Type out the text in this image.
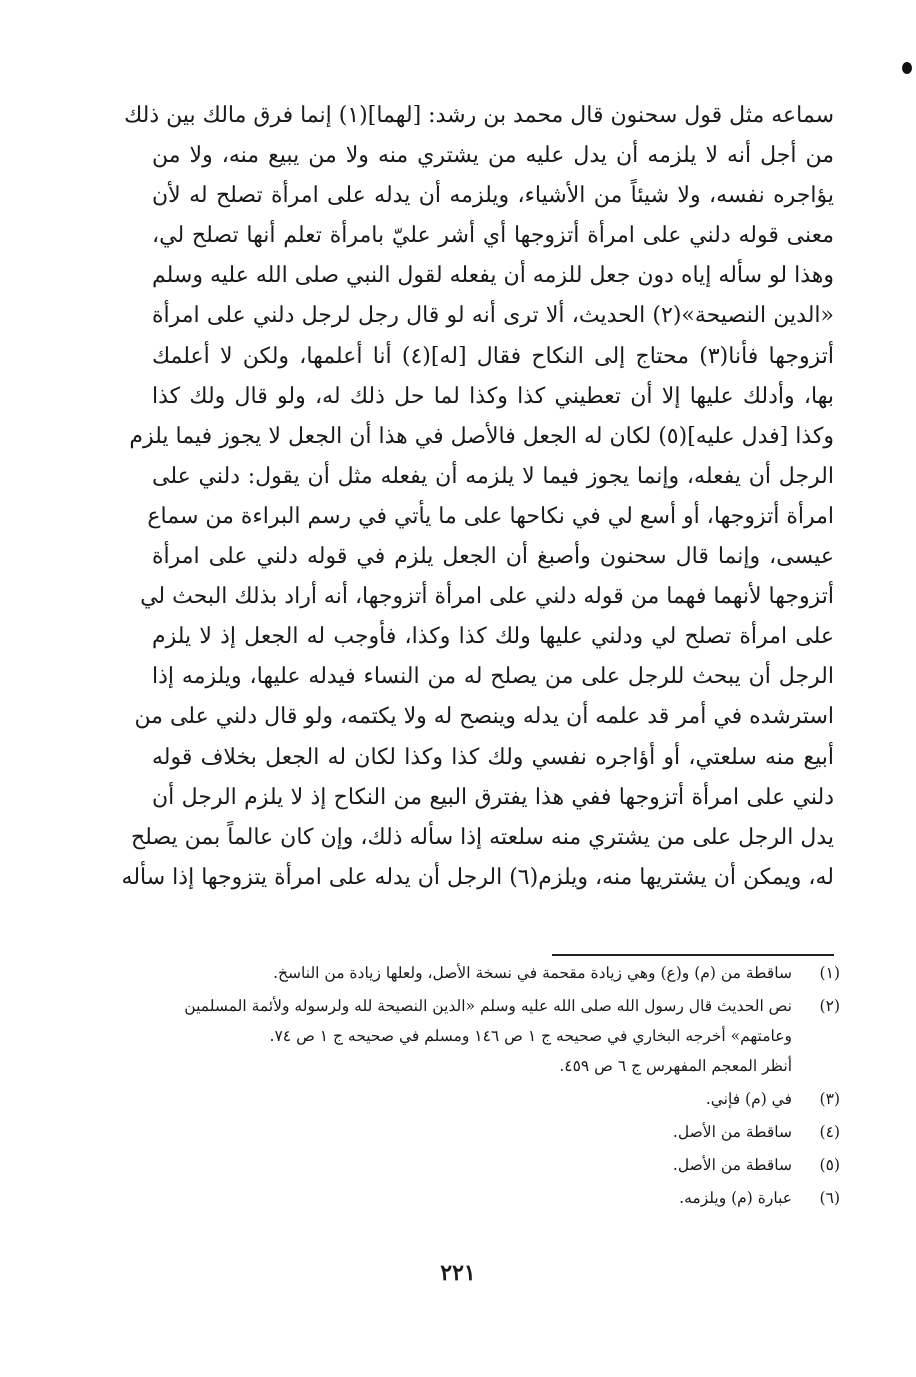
سماعه مثل قول سحنون قال محمد بن رشد: [لهما](١) إنما فرق مالك بين ذلك
من أجل أنه لا يلزمه أن يدل عليه من يشتري منه ولا من يبيع منه، ولا من
يؤاجره نفسه، ولا شيئاً من الأشياء، ويلزمه أن يدله على امرأة تصلح له لأن
معنى قوله دلني على امرأة أتزوجها أي أشر عليّ بامرأة تعلم أنها تصلح لي،
وهذا لو سأله إياه دون جعل للزمه أن يفعله لقول النبي صلى الله عليه وسلم
«الدين النصيحة»(٢) الحديث، ألا ترى أنه لو قال رجل لرجل دلني على امرأة
أتزوجها فأنا(٣) محتاج إلى النكاح فقال [له](٤) أنا أعلمها، ولكن لا أعلمك
بها، وأدلك عليها إلا أن تعطيني كذا وكذا لما حل ذلك له، ولو قال ولك كذا
وكذا [فدل عليه](٥) لكان له الجعل فالأصل في هذا أن الجعل لا يجوز فيما يلزم
الرجل أن يفعله، وإنما يجوز فيما لا يلزمه أن يفعله مثل أن يقول: دلني على
امرأة أتزوجها، أو أسع لي في نكاحها على ما يأتي في رسم البراءة من سماع
عيسى، وإنما قال سحنون وأصبغ أن الجعل يلزم في قوله دلني على امرأة
أتزوجها لأنهما فهما من قوله دلني على امرأة أتزوجها، أنه أراد بذلك البحث لي
على امرأة تصلح لي ودلني عليها ولك كذا وكذا، فأوجب له الجعل إذ لا يلزم
الرجل أن يبحث للرجل على من يصلح له من النساء فيدله عليها، ويلزمه إذا
استرشده في أمر قد علمه أن يدله وينصح له ولا يكتمه، ولو قال دلني على من
أبيع منه سلعتي، أو أؤاجره نفسي ولك كذا وكذا لكان له الجعل بخلاف قوله
دلني على امرأة أتزوجها ففي هذا يفترق البيع من النكاح إذ لا يلزم الرجل أن
يدل الرجل على من يشتري منه سلعته إذا سأله ذلك، وإن كان عالماً بمن يصلح
له، ويمكن أن يشتريها منه، ويلزم(٦) الرجل أن يدله على امرأة يتزوجها إذا سأله
(١)
ساقطة من (م) و(ع) وهي زيادة مقحمة في نسخة الأصل، ولعلها زيادة من الناسخ.
(٢)
نص الحديث قال رسول الله صلى الله عليه وسلم «الدين النصيحة لله ولرسوله ولأئمة المسلمين
وعامتهم» أخرجه البخاري في صحيحه ج ١ ص ١٤٦ ومسلم في صحيحه ج ١ ص ٧٤.
أنظر المعجم المفهرس ج ٦ ص ٤٥٩.
(٣)
في (م) فإني.
(٤)
ساقطة من الأصل.
(٥)
ساقطة من الأصل.
(٦)
عبارة (م) ويلزمه.
٢٢١
